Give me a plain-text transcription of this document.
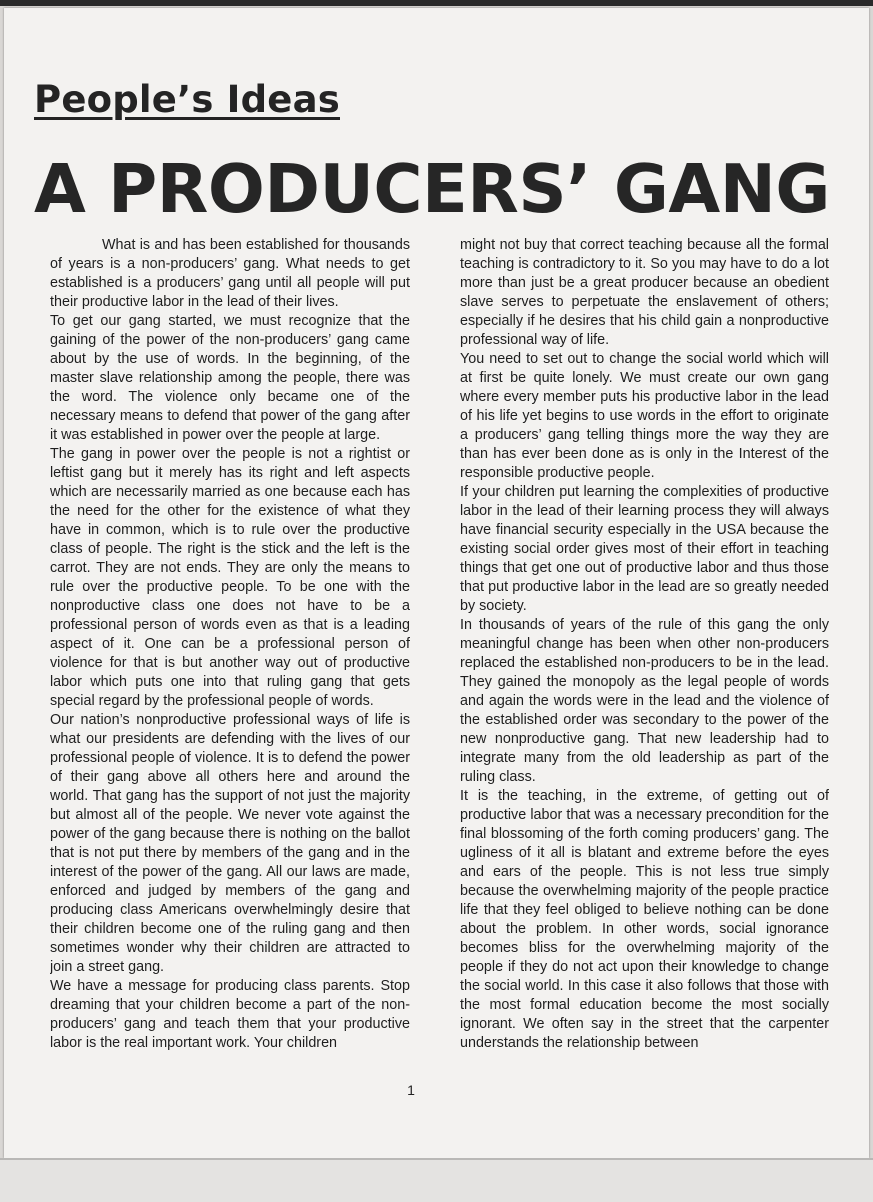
People’s Ideas
A PRODUCERS’ GANG

What is and has been established for thousands of years is a non-producers’ gang. What needs to get established is a producers’ gang until all people will put their productive labor in the lead of their lives.

To get our gang started, we must recognize that the gaining of the power of the non-producers’ gang came about by the use of words. In the beginning, of the master slave relationship among the people, there was the word. The violence only became one of the necessary means to defend that power of the gang after it was established in power over the people at large.

The gang in power over the people is not a rightist or leftist gang but it merely has its right and left aspects which are necessarily married as one because each has the need for the other for the existence of what they have in common, which is to rule over the productive class of people. The right is the stick and the left is the carrot. They are not ends. They are only the means to rule over the productive people. To be one with the nonproductive class one does not have to be a professional person of words even as that is a leading aspect of it. One can be a professional person of violence for that is but another way out of productive labor which puts one into that ruling gang that gets special regard by the professional people of words.

Our nation’s nonproductive professional ways of life is what our presidents are defending with the lives of our professional people of violence. It is to defend the power of their gang above all others here and around the world. That gang has the support of not just the majority but almost all of the people. We never vote against the power of the gang because there is nothing on the ballot that is not put there by members of the gang and in the interest of the power of the gang. All our laws are made, enforced and judged by members of the gang and producing class Americans overwhelmingly desire that their children become one of the ruling gang and then sometimes wonder why their children are attracted to join a street gang.

We have a message for producing class parents. Stop dreaming that your children become a part of the non-producers’ gang and teach them that your productive labor is the real important work. Your children

might not buy that correct teaching because all the formal teaching is contradictory to it. So you may have to do a lot more than just be a great producer because an obedient slave serves to perpetuate the enslavement of others; especially if he desires that his child gain a nonproductive professional way of life.

You need to set out to change the social world which will at first be quite lonely. We must create our own gang where every member puts his productive labor in the lead of his life yet begins to use words in the effort to originate a producers’ gang telling things more the way they are than has ever been done as is only in the Interest of the responsible productive people.

If your children put learning the complexities of productive labor in the lead of their learning process they will always have financial security especially in the USA because the existing social order gives most of their effort in teaching things that get one out of productive labor and thus those that put productive labor in the lead are so greatly needed by society.

In thousands of years of the rule of this gang the only meaningful change has been when other non-producers replaced the established non-producers to be in the lead. They gained the monopoly as the legal people of words and again the words were in the lead and the violence of the established order was secondary to the power of the new nonproductive gang. That new leadership had to integrate many from the old leadership as part of the ruling class.

It is the teaching, in the extreme, of getting out of productive labor that was a necessary precondition for the final blossoming of the forth coming producers’ gang. The ugliness of it all is blatant and extreme before the eyes and ears of the people. This is not less true simply because the overwhelming majority of the people practice life that they feel obliged to believe nothing can be done about the problem. In other words, social ignorance becomes bliss for the overwhelming majority of the people if they do not act upon their knowledge to change the social world. In this case it also follows that those with the most formal education become the most socially ignorant. We often say in the street that the carpenter understands the relationship between

1
